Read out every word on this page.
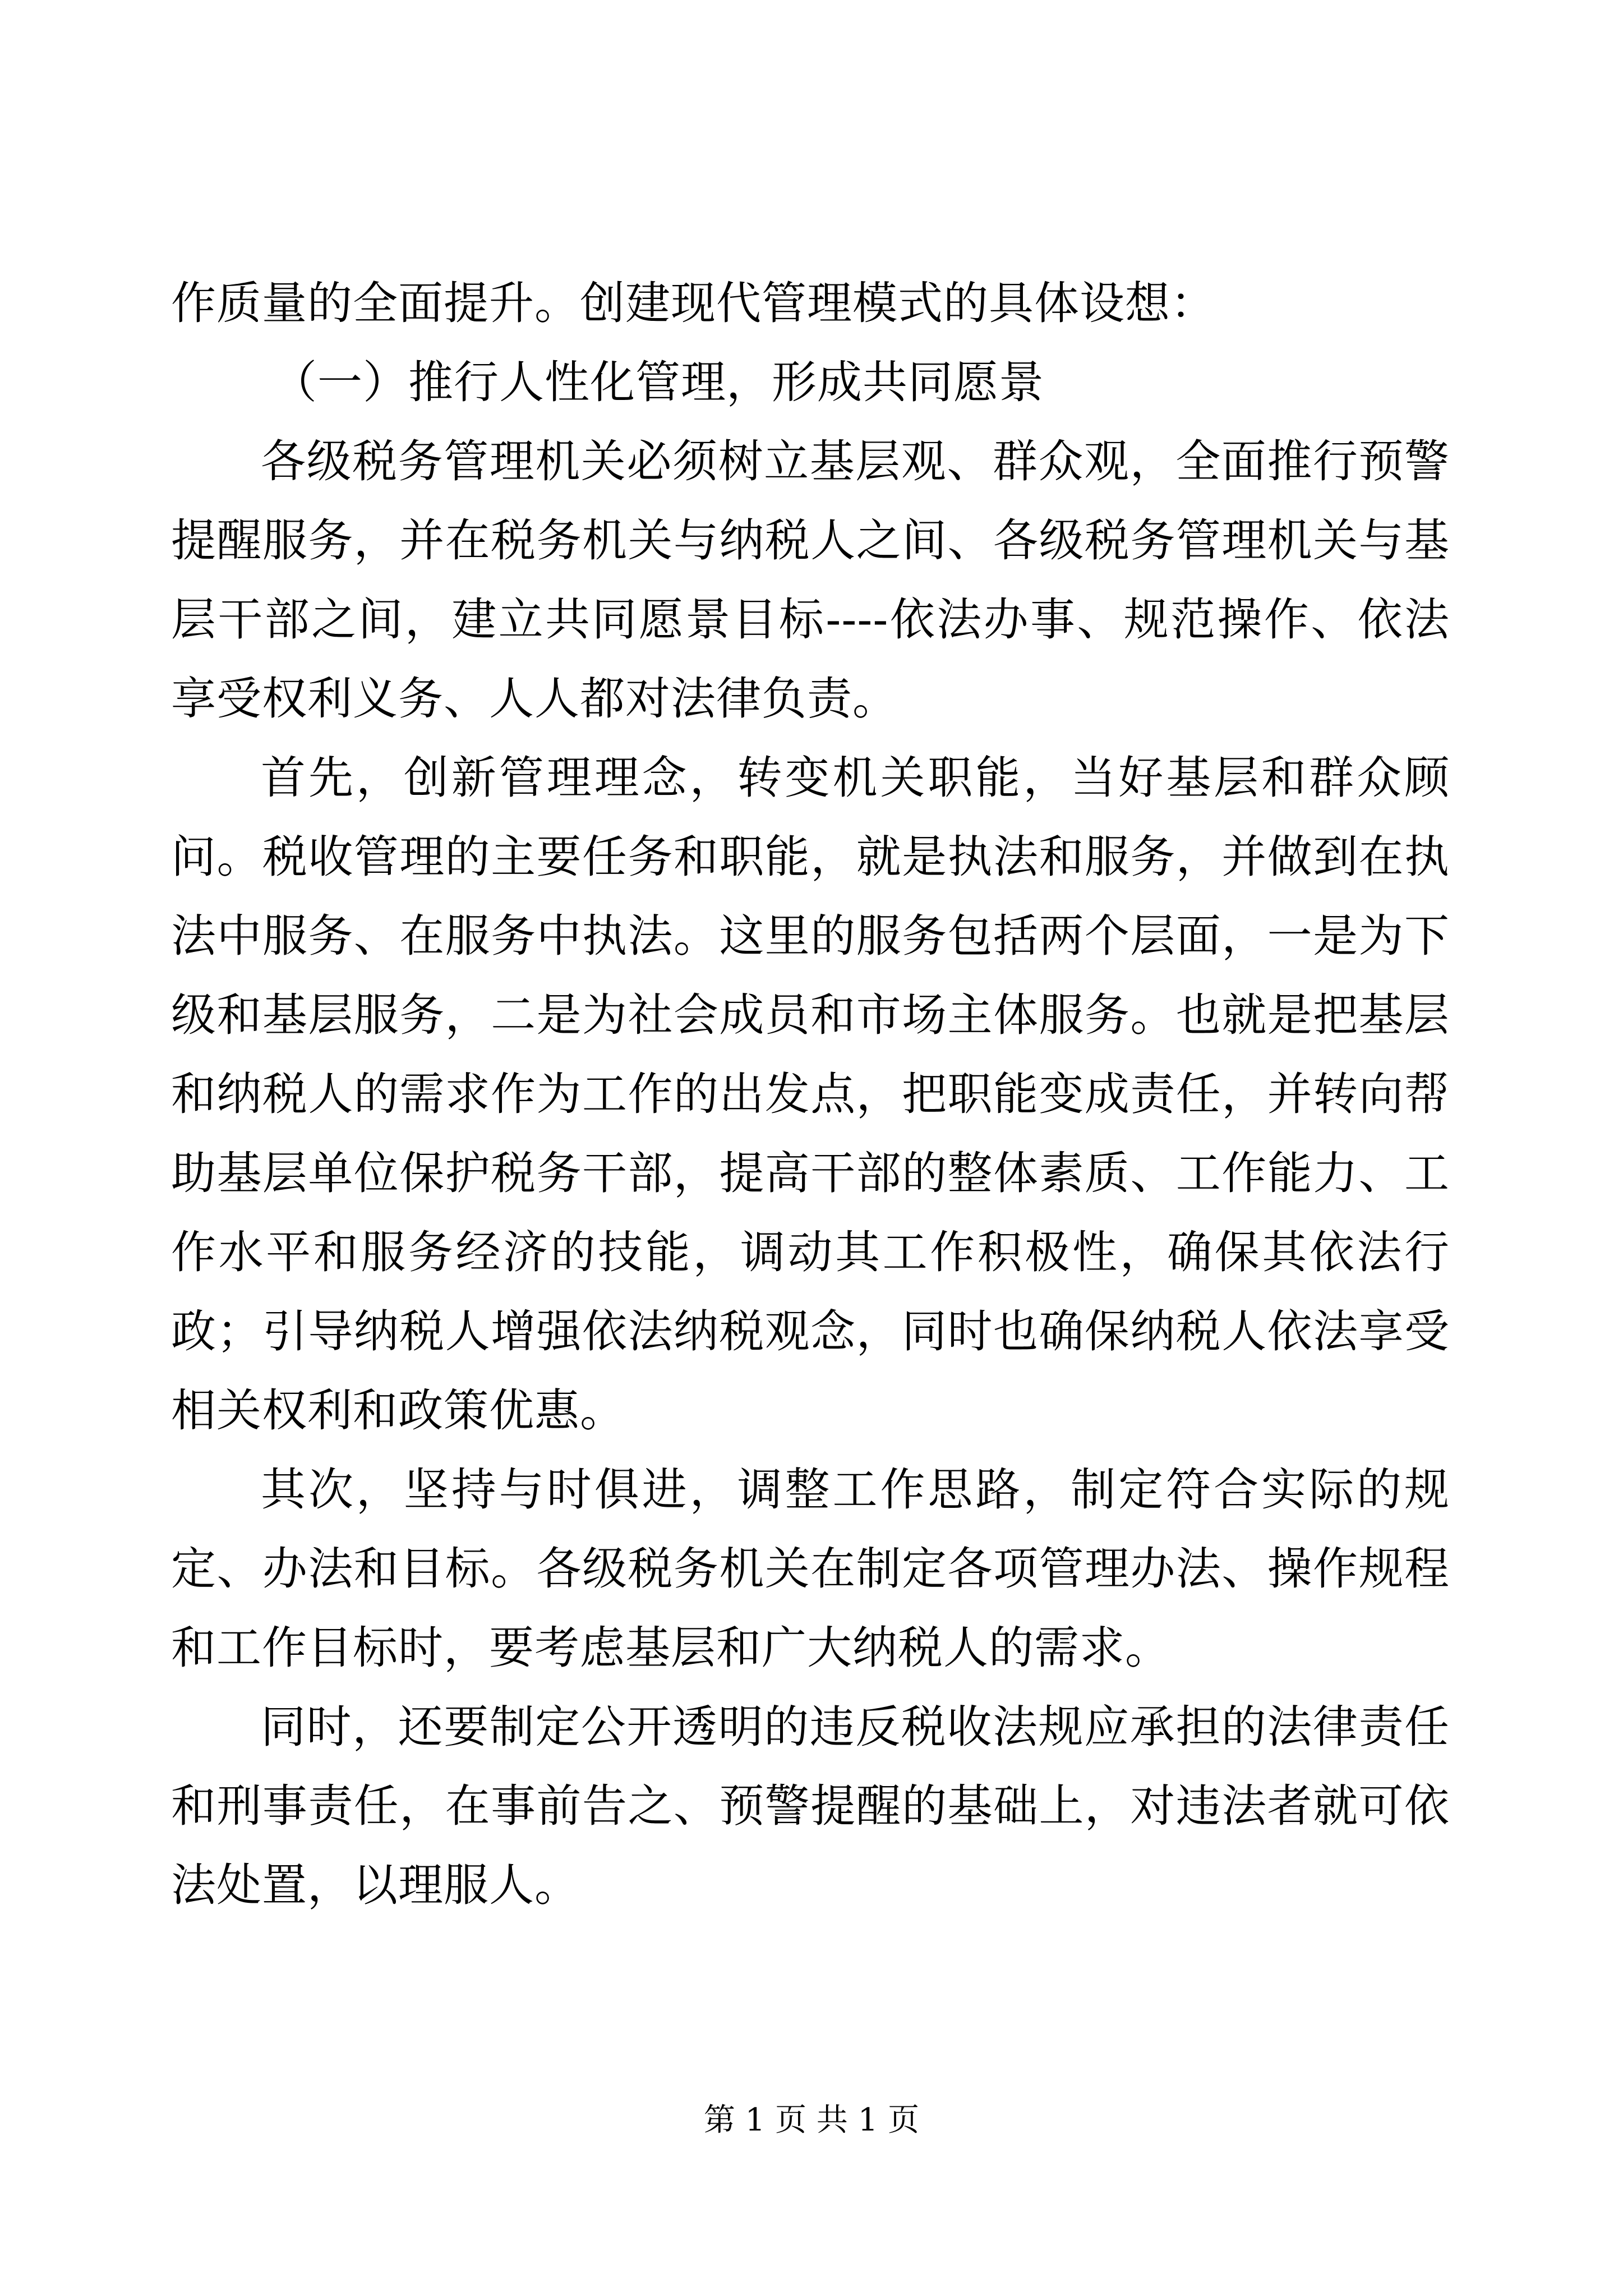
作质量的全面提升。创建现代管理模式的具体设想：

（一）推行人性化管理，形成共同愿景

各级税务管理机关必须树立基层观、群众观，全面推行预警提醒服务，并在税务机关与纳税人之间、各级税务管理机关与基层干部之间，建立共同愿景目标----依法办事、规范操作、依法享受权利义务、人人都对法律负责。

首先，创新管理理念，转变机关职能，当好基层和群众顾问。税收管理的主要任务和职能，就是执法和服务，并做到在执法中服务、在服务中执法。这里的服务包括两个层面，一是为下级和基层服务，二是为社会成员和市场主体服务。也就是把基层和纳税人的需求作为工作的出发点，把职能变成责任，并转向帮助基层单位保护税务干部，提高干部的整体素质、工作能力、工作水平和服务经济的技能，调动其工作积极性，确保其依法行政；引导纳税人增强依法纳税观念，同时也确保纳税人依法享受相关权利和政策优惠。

其次，坚持与时俱进，调整工作思路，制定符合实际的规定、办法和目标。各级税务机关在制定各项管理办法、操作规程和工作目标时，要考虑基层和广大纳税人的需求。

同时，还要制定公开透明的违反税收法规应承担的法律责任和刑事责任，在事前告之、预警提醒的基础上，对违法者就可依法处置，以理服人。

第 1 页 共 1 页
